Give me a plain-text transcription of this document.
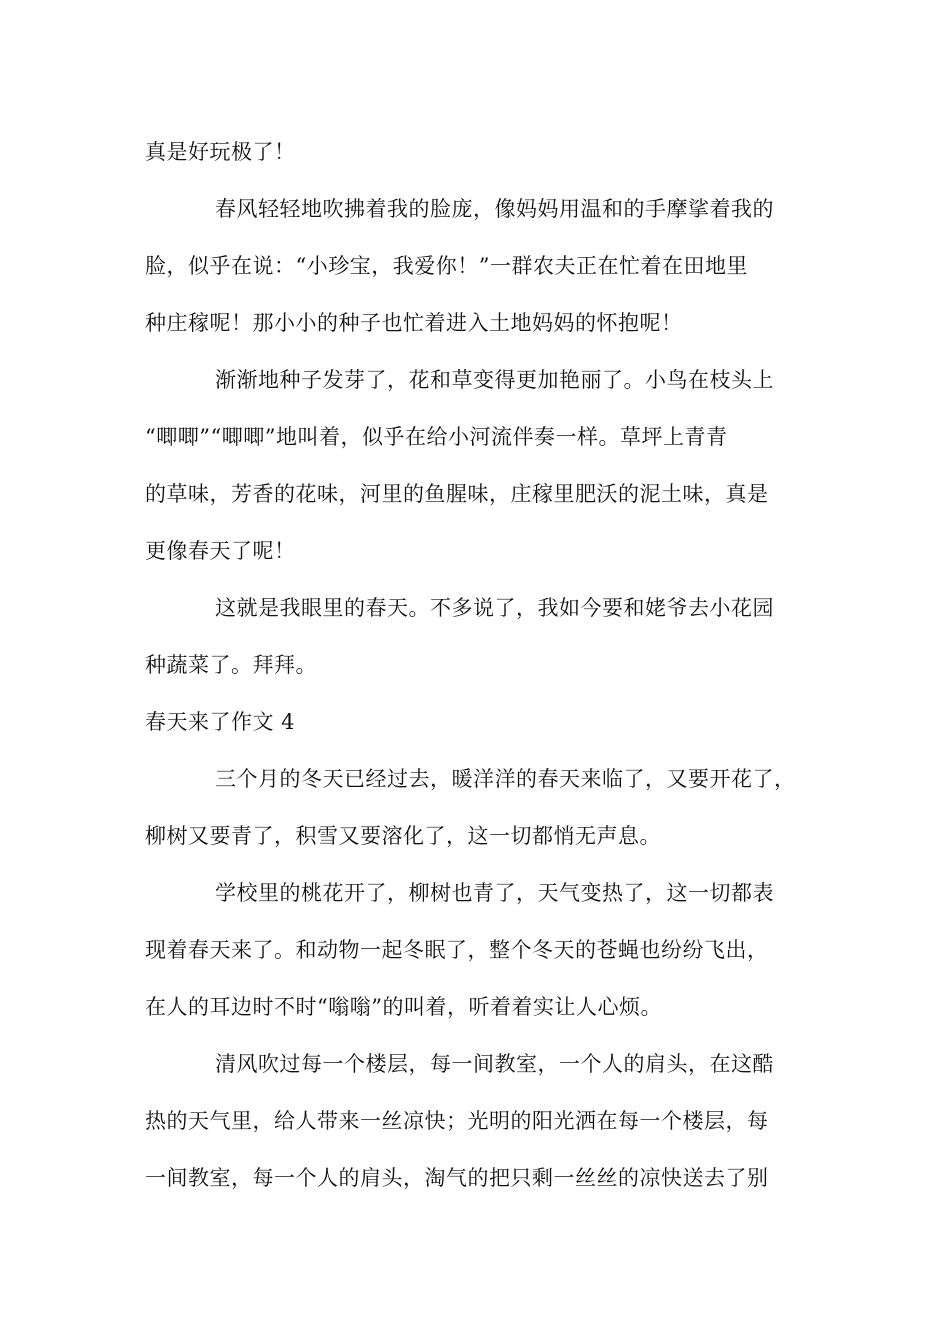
真是好玩极了！
春风轻轻地吹拂着我的脸庞，像妈妈用温和的手摩挲着我的
脸，似乎在说：“小珍宝，我爱你！”一群农夫正在忙着在田地里
种庄稼呢！那小小的种子也忙着进入土地妈妈的怀抱呢！
渐渐地种子发芽了，花和草变得更加艳丽了。小鸟在枝头上
“唧唧”“唧唧”地叫着，似乎在给小河流伴奏一样。草坪上青青
的草味，芳香的花味，河里的鱼腥味，庄稼里肥沃的泥土味，真是
更像春天了呢！
这就是我眼里的春天。不多说了，我如今要和姥爷去小花园
种蔬菜了。拜拜。
春天来了作文 4
三个月的冬天已经过去，暖洋洋的春天来临了，又要开花了，
柳树又要青了，积雪又要溶化了，这一切都悄无声息。
学校里的桃花开了，柳树也青了，天气变热了，这一切都表
现着春天来了。和动物一起冬眠了，整个冬天的苍蝇也纷纷飞出，
在人的耳边时不时“嗡嗡”的叫着，听着着实让人心烦。
清风吹过每一个楼层，每一间教室，一个人的肩头，在这酷
热的天气里，给人带来一丝凉快；光明的阳光洒在每一个楼层，每
一间教室，每一个人的肩头，淘气的把只剩一丝丝的凉快送去了别
